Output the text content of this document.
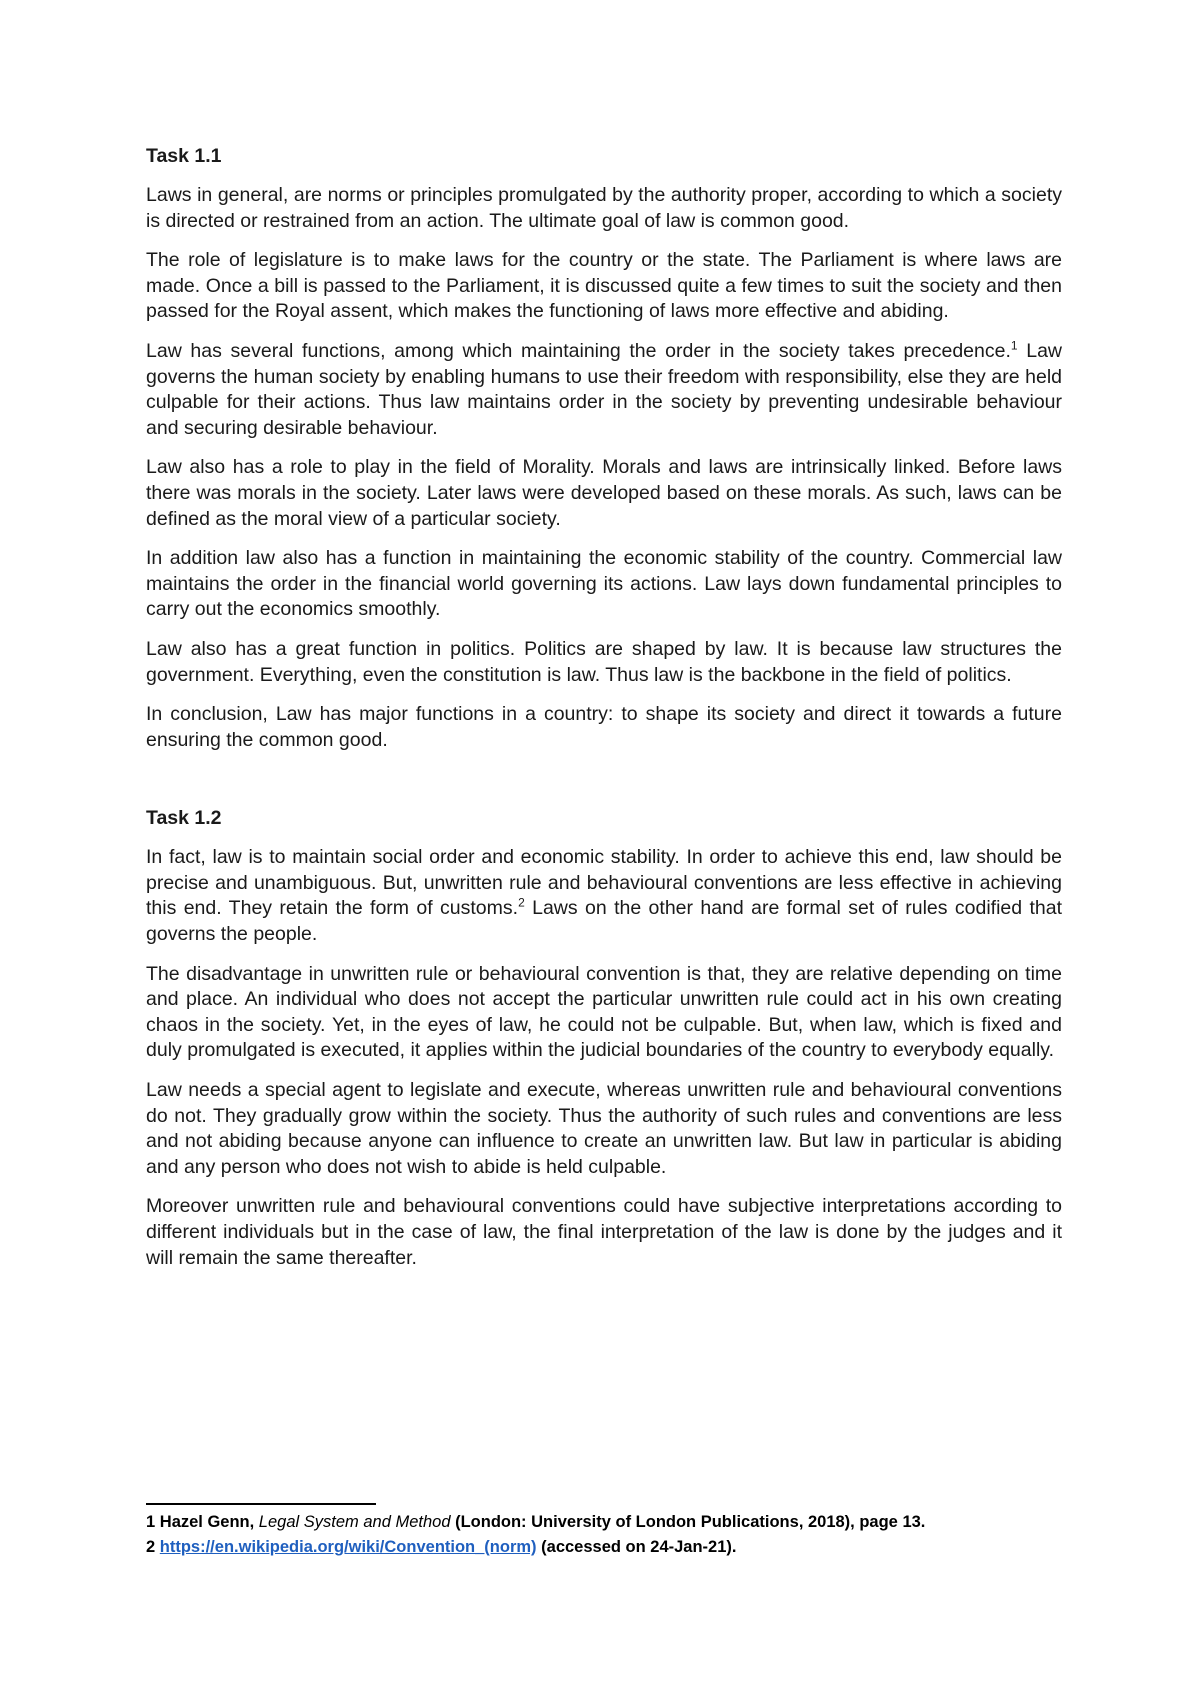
Task 1.1

Laws in general, are norms or principles promulgated by the authority proper, according to which a society is directed or restrained from an action. The ultimate goal of law is common good.

The role of legislature is to make laws for the country or the state. The Parliament is where laws are made. Once a bill is passed to the Parliament, it is discussed quite a few times to suit the society and then passed for the Royal assent, which makes the functioning of laws more effective and abiding.

Law has several functions, among which maintaining the order in the society takes precedence.$^1$ Law governs the human society by enabling humans to use their freedom with responsibility, else they are held culpable for their actions. Thus law maintains order in the society by preventing undesirable behaviour and securing desirable behaviour.

Law also has a role to play in the field of Morality. Morals and laws are intrinsically linked. Before laws there was morals in the society. Later laws were developed based on these morals. As such, laws can be defined as the moral view of a particular society.

In addition law also has a function in maintaining the economic stability of the country. Commercial law maintains the order in the financial world governing its actions. Law lays down fundamental principles to carry out the economics smoothly.

Law also has a great function in politics. Politics are shaped by law. It is because law structures the government. Everything, even the constitution is law. Thus law is the backbone in the field of politics.

In conclusion, Law has major functions in a country: to shape its society and direct it towards a future ensuring the common good.

Task 1.2

In fact, law is to maintain social order and economic stability. In order to achieve this end, law should be precise and unambiguous. But, unwritten rule and behavioural conventions are less effective in achieving this end. They retain the form of customs.$^2$ Laws on the other hand are formal set of rules codified that governs the people.

The disadvantage in unwritten rule or behavioural convention is that, they are relative depending on time and place. An individual who does not accept the particular unwritten rule could act in his own creating chaos in the society. Yet, in the eyes of law, he could not be culpable. But, when law, which is fixed and duly promulgated is executed, it applies within the judicial boundaries of the country to everybody equally.

Law needs a special agent to legislate and execute, whereas unwritten rule and behavioural conventions do not. They gradually grow within the society. Thus the authority of such rules and conventions are less and not abiding because anyone can influence to create an unwritten law. But law in particular is abiding and any person who does not wish to abide is held culpable.

Moreover unwritten rule and behavioural conventions could have subjective interpretations according to different individuals but in the case of law, the final interpretation of the law is done by the judges and it will remain the same thereafter.

1 Hazel Genn, Legal System and Method (London: University of London Publications, 2018), page 13.

2 https://en.wikipedia.org/wiki/Convention_(norm) (accessed on 24-Jan-21).
